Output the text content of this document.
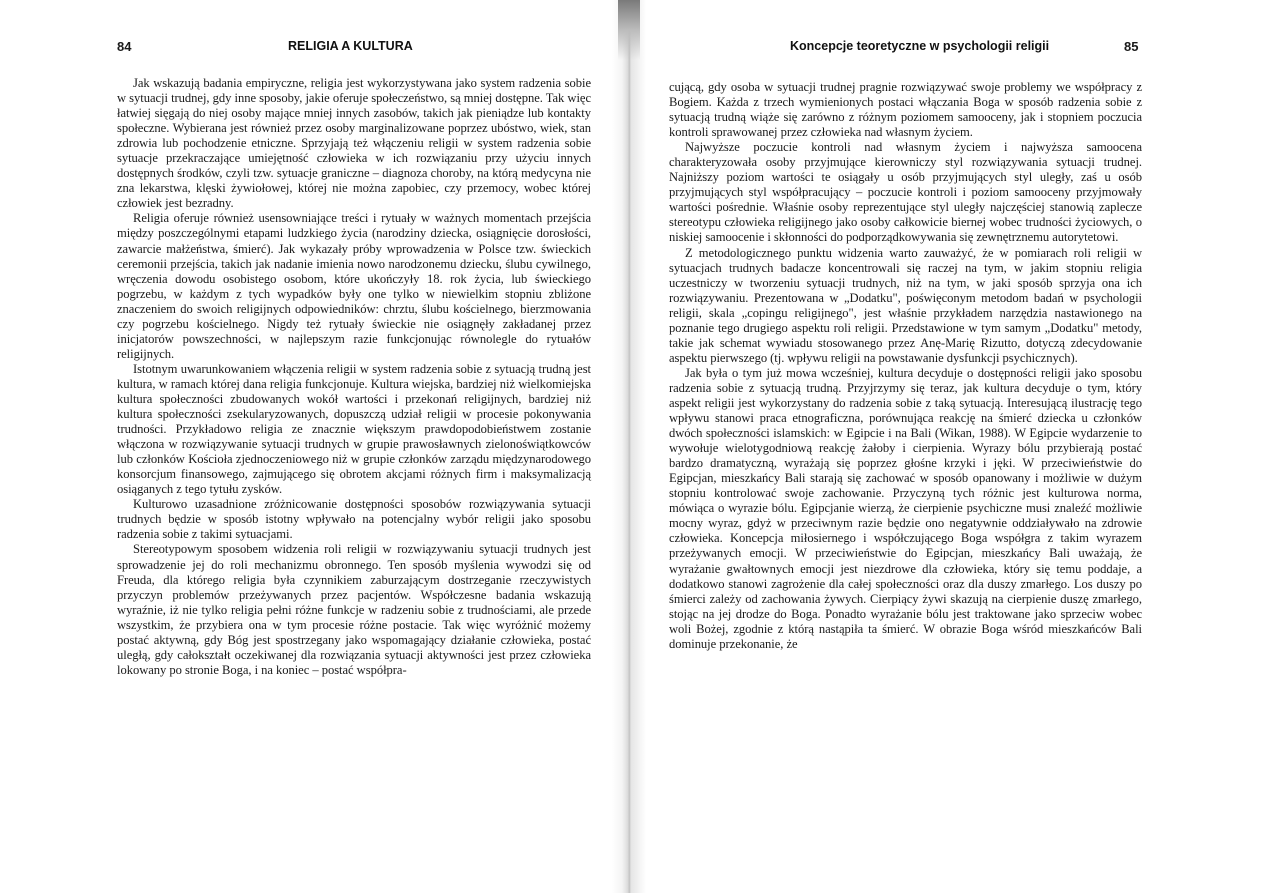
84	RELIGIA A KULTURA

Jak wskazują badania empiryczne, religia jest wykorzystywana jako system radzenia sobie w sytuacji trudnej, gdy inne sposoby, jakie oferuje społeczeństwo, są mniej dostępne. Tak więc łatwiej sięgają do niej osoby mające mniej innych zasobów, takich jak pieniądze lub kontakty społeczne. Wybierana jest również przez osoby marginalizowane poprzez ubóstwo, wiek, stan zdrowia lub pochodzenie etniczne. Sprzyjają też włączeniu religii w system radzenia sobie sytuacje przekraczające umiejętność człowieka w ich rozwiązaniu przy użyciu innych dostępnych środków, czyli tzw. sytuacje graniczne – diagnoza choroby, na którą medycyna nie zna lekarstwa, klęski żywiołowej, której nie można zapobiec, czy przemocy, wobec której człowiek jest bezradny.

Religia oferuje również usensowniające treści i rytuały w ważnych momentach przejścia między poszczególnymi etapami ludzkiego życia (narodziny dziecka, osiągnięcie dorosłości, zawarcie małżeństwa, śmierć). Jak wykazały próby wprowadzenia w Polsce tzw. świeckich ceremonii przejścia, takich jak nadanie imienia nowo narodzonemu dziecku, ślubu cywilnego, wręczenia dowodu osobistego osobom, które ukończyły 18. rok życia, lub świeckiego pogrzebu, w każdym z tych wypadków były one tylko w niewielkim stopniu zbliżone znaczeniem do swoich religijnych odpowiedników: chrztu, ślubu kościelnego, bierzmowania czy pogrzebu kościelnego. Nigdy też rytuały świeckie nie osiągnęły zakładanej przez inicjatorów powszechności, w najlepszym razie funkcjonując równolegle do rytuałów religijnych.

Istotnym uwarunkowaniem włączenia religii w system radzenia sobie z sytuacją trudną jest kultura, w ramach której dana religia funkcjonuje. Kultura wiejska, bardziej niż wielkomiejska kultura społeczności zbudowanych wokół wartości i przekonań religijnych, bardziej niż kultura społeczności zsekularyzowanych, dopuszczą udział religii w procesie pokonywania trudności. Przykładowo religia ze znacznie większym prawdopodobieństwem zostanie włączona w rozwiązywanie sytuacji trudnych w grupie prawosławnych zielonoświątkowców lub członków Kościoła zjednoczeniowego niż w grupie członków zarządu międzynarodowego konsorcjum finansowego, zajmującego się obrotem akcjami różnych firm i maksymalizacją osiąganych z tego tytułu zysków.

Kulturowo uzasadnione zróżnicowanie dostępności sposobów rozwiązywania sytuacji trudnych będzie w sposób istotny wpływało na potencjalny wybór religii jako sposobu radzenia sobie z takimi sytuacjami.

Stereotypowym sposobem widzenia roli religii w rozwiązywaniu sytuacji trudnych jest sprowadzenie jej do roli mechanizmu obronnego. Ten sposób myślenia wywodzi się od Freuda, dla którego religia była czynnikiem zaburzającym dostrzeganie rzeczywistych przyczyn problemów przeżywanych przez pacjentów. Współczesne badania wskazują wyraźnie, iż nie tylko religia pełni różne funkcje w radzeniu sobie z trudnościami, ale przede wszystkim, że przybiera ona w tym procesie różne postacie. Tak więc wyróżnić możemy postać aktywną, gdy Bóg jest spostrzegany jako wspomagający działanie człowieka, postać uległą, gdy całokształt oczekiwanej dla rozwiązania sytuacji aktywności jest przez człowieka lokowany po stronie Boga, i na koniec – postać współpra-

Koncepcje teoretyczne w psychologii religii	85

cującą, gdy osoba w sytuacji trudnej pragnie rozwiązywać swoje problemy we współpracy z Bogiem. Każda z trzech wymienionych postaci włączania Boga w sposób radzenia sobie z sytuacją trudną wiąże się zarówno z różnym poziomem samooceny, jak i stopniem poczucia kontroli sprawowanej przez człowieka nad własnym życiem.

Najwyższe poczucie kontroli nad własnym życiem i najwyższa samoocena charakteryzowała osoby przyjmujące kierowniczy styl rozwiązywania sytuacji trudnej. Najniższy poziom wartości te osiągały u osób przyjmujących styl uległy, zaś u osób przyjmujących styl współpracujący – poczucie kontroli i poziom samooceny przyjmowały wartości pośrednie. Właśnie osoby reprezentujące styl uległy najczęściej stanowią zaplecze stereotypu człowieka religijnego jako osoby całkowicie biernej wobec trudności życiowych, o niskiej samoocenie i skłonności do podporządkowywania się zewnętrznemu autorytetowi.

Z metodologicznego punktu widzenia warto zauważyć, że w pomiarach roli religii w sytuacjach trudnych badacze koncentrowali się raczej na tym, w jakim stopniu religia uczestniczy w tworzeniu sytuacji trudnych, niż na tym, w jaki sposób sprzyja ona ich rozwiązywaniu. Prezentowana w „Dodatku", poświęconym metodom badań w psychologii religii, skala „copingu religijnego", jest właśnie przykładem narzędzia nastawionego na poznanie tego drugiego aspektu roli religii. Przedstawione w tym samym „Dodatku" metody, takie jak schemat wywiadu stosowanego przez Anę-Marię Rizutto, dotyczą zdecydowanie aspektu pierwszego (tj. wpływu religii na powstawanie dysfunkcji psychicznych).

Jak była o tym już mowa wcześniej, kultura decyduje o dostępności religii jako sposobu radzenia sobie z sytuacją trudną. Przyjrzymy się teraz, jak kultura decyduje o tym, który aspekt religii jest wykorzystany do radzenia sobie z taką sytuacją. Interesującą ilustrację tego wpływu stanowi praca etnograficzna, porównująca reakcję na śmierć dziecka u członków dwóch społeczności islamskich: w Egipcie i na Bali (Wikan, 1988). W Egipcie wydarzenie to wywołuje wielotygodniową reakcję żałoby i cierpienia. Wyrazy bólu przybierają postać bardzo dramatyczną, wyrażają się poprzez głośne krzyki i jęki. W przeciwieństwie do Egipcjan, mieszkańcy Bali starają się zachować w sposób opanowany i możliwie w dużym stopniu kontrolować swoje zachowanie. Przyczyną tych różnic jest kulturowa norma, mówiąca o wyrazie bólu. Egipcjanie wierzą, że cierpienie psychiczne musi znaleźć możliwie mocny wyraz, gdyż w przeciwnym razie będzie ono negatywnie oddziaływało na zdrowie człowieka. Koncepcja miłosiernego i współczującego Boga współgra z takim wyrazem przeżywanych emocji. W przeciwieństwie do Egipcjan, mieszkańcy Bali uważają, że wyrażanie gwałtownych emocji jest niezdrowe dla człowieka, który się temu poddaje, a dodatkowo stanowi zagrożenie dla całej społeczności oraz dla duszy zmarłego. Los duszy po śmierci zależy od zachowania żywych. Cierpiący żywi skazują na cierpienie duszę zmarłego, stojąc na jej drodze do Boga. Ponadto wyrażanie bólu jest traktowane jako sprzeciw wobec woli Bożej, zgodnie z którą nastąpiła ta śmierć. W obrazie Boga wśród mieszkańców Bali dominuje przekonanie, że
